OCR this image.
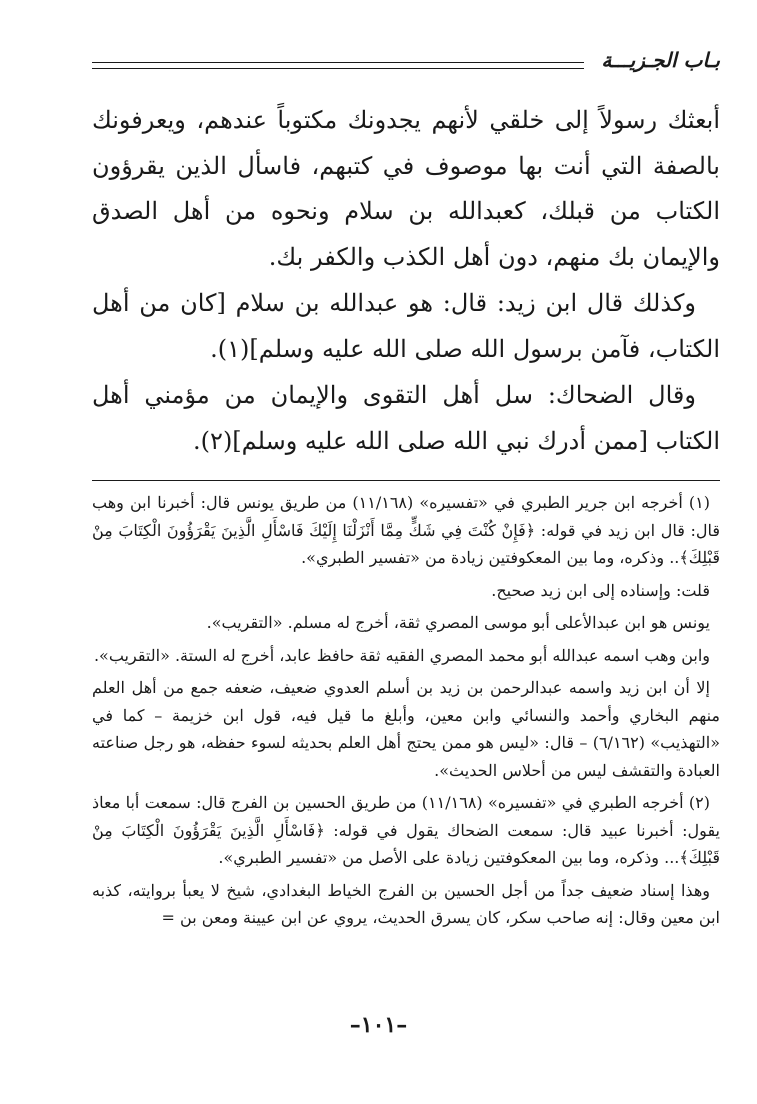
بـاب الجـزيـــة

أبعثك رسولاً إلى خلقي لأنهم يجدونك مكتوباً عندهم، ويعرفونك بالصفة التي أنت بها موصوف في كتبهم، فاسأل الذين يقرؤون الكتاب من قبلك، كعبدالله بن سلام ونحوه من أهل الصدق والإيمان بك منهم، دون أهل الكذب والكفر بك.

وكذلك قال ابن زيد: قال: هو عبدالله بن سلام [كان من أهل الكتاب، فآمن برسول الله صلى الله عليه وسلم](١).

وقال الضحاك: سل أهل التقوى والإيمان من مؤمني أهل الكتاب [ممن أدرك نبي الله صلى الله عليه وسلم](٢).

(١) أخرجه ابن جرير الطبري في «تفسيره» (١١/١٦٨) من طريق يونس قال: أخبرنا ابن وهب قال: قال ابن زيد في قوله: ﴿فَإِنْ كُنْتَ فِي شَكٍّ مِمَّا أَنْزَلْنَا إِلَيْكَ فَاسْأَلِ الَّذِينَ يَقْرَؤُونَ الْكِتَابَ مِنْ قَبْلِكَ﴾.. وذكره، وما بين المعكوفتين زيادة من «تفسير الطبري».

قلت: وإسناده إلى ابن زيد صحيح.

يونس هو ابن عبدالأعلى أبو موسى المصري ثقة، أخرج له مسلم. «التقريب».

وابن وهب اسمه عبدالله أبو محمد المصري الفقيه ثقة حافظ عابد، أخرج له الستة. «التقريب».

إلا أن ابن زيد واسمه عبدالرحمن بن زيد بن أسلم العدوي ضعيف، ضعفه جمع من أهل العلم منهم البخاري وأحمد والنسائي وابن معين، وأبلغ ما قيل فيه، قول ابن خزيمة – كما في «التهذيب» (٦/١٦٢) – قال: «ليس هو ممن يحتج أهل العلم بحديثه لسوء حفظه، هو رجل صناعته العبادة والتقشف ليس من أحلاس الحديث».

(٢) أخرجه الطبري في «تفسيره» (١١/١٦٨) من طريق الحسين بن الفرج قال: سمعت أبا معاذ يقول: أخبرنا عبيد قال: سمعت الضحاك يقول في قوله: ﴿فَاسْأَلِ الَّذِينَ يَقْرَؤُونَ الْكِتَابَ مِنْ قَبْلِكَ﴾... وذكره، وما بين المعكوفتين زيادة على الأصل من «تفسير الطبري».

وهذا إسناد ضعيف جداً من أجل الحسين بن الفرج الخياط البغدادي، شيخ لا يعبأ بروايته، كذبه ابن معين وقال: إنه صاحب سكر، كان يسرق الحديث، يروي عن ابن عيينة ومعن بن =

–١٠١–
